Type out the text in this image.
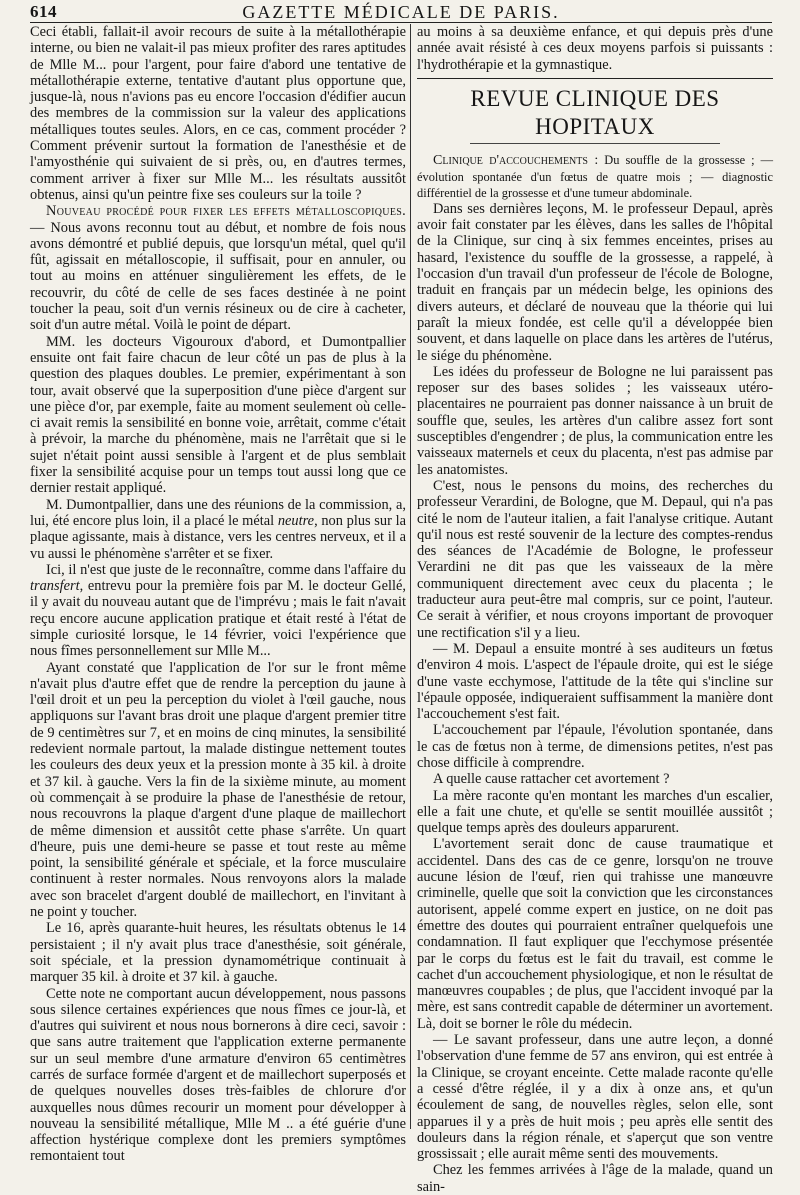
614	GAZETTE MÉDICALE DE PARIS.

Ceci établi, fallait-il avoir recours de suite à la métallothérapie interne, ou bien ne valait-il pas mieux profiter des rares aptitudes de Mlle M... pour l'argent, pour faire d'abord une tentative de métallothérapie externe, tentative d'autant plus opportune que, jusque-là, nous n'avions pas eu encore l'occasion d'édifier aucun des membres de la commission sur la valeur des applications métalliques toutes seules. Alors, en ce cas, comment procéder ? Comment prévenir surtout la formation de l'anesthésie et de l'amyosthénie qui suivaient de si près, ou, en d'autres termes, comment arriver à fixer sur Mlle M... les résultats aussitôt obtenus, ainsi qu'un peintre fixe ses couleurs sur la toile ?

Nouveau procédé pour fixer les effets métalloscopiques. — Nous avons reconnu tout au début, et nombre de fois nous avons démontré et publié depuis, que lorsqu'un métal, quel qu'il fût, agissait en métalloscopie, il suffisait, pour en annuler, ou tout au moins en atténuer singulièrement les effets, de le recouvrir, du côté de celle de ses faces destinée à ne point toucher la peau, soit d'un vernis résineux ou de cire à cacheter, soit d'un autre métal. Voilà le point de départ.

MM. les docteurs Vigouroux d'abord, et Dumontpallier ensuite ont fait faire chacun de leur côté un pas de plus à la question des plaques doubles. Le premier, expérimentant à son tour, avait observé que la superposition d'une pièce d'argent sur une pièce d'or, par exemple, faite au moment seulement où celle-ci avait remis la sensibilité en bonne voie, arrêtait, comme c'était à prévoir, la marche du phénomène, mais ne l'arrêtait que si le sujet n'était point aussi sensible à l'argent et de plus semblait fixer la sensibilité acquise pour un temps tout aussi long que ce dernier restait appliqué.

M. Dumontpallier, dans une des réunions de la commission, a, lui, été encore plus loin, il a placé le métal neutre, non plus sur la plaque agissante, mais à distance, vers les centres nerveux, et il a vu aussi le phénomène s'arrêter et se fixer.

Ici, il n'est que juste de le reconnaître, comme dans l'affaire du transfert, entrevu pour la première fois par M. le docteur Gellé, il y avait du nouveau autant que de l'imprévu ; mais le fait n'avait reçu encore aucune application pratique et était resté à l'état de simple curiosité lorsque, le 14 février, voici l'expérience que nous fîmes personnellement sur Mlle M...

Ayant constaté que l'application de l'or sur le front même n'avait plus d'autre effet que de rendre la perception du jaune à l'œil droit et un peu la perception du violet à l'œil gauche, nous appliquons sur l'avant bras droit une plaque d'argent premier titre de 9 centimètres sur 7, et en moins de cinq minutes, la sensibilité redevient normale partout, la malade distingue nettement toutes les couleurs des deux yeux et la pression monte à 35 kil. à droite et 37 kil. à gauche. Vers la fin de la sixième minute, au moment où commençait à se produire la phase de l'anesthésie de retour, nous recouvrons la plaque d'argent d'une plaque de maillechort de même dimension et aussitôt cette phase s'arrête. Un quart d'heure, puis une demi-heure se passe et tout reste au même point, la sensibilité générale et spéciale, et la force musculaire continuent à rester normales. Nous renvoyons alors la malade avec son bracelet d'argent doublé de maillechort, en l'invitant à ne point y toucher.

Le 16, après quarante-huit heures, les résultats obtenus le 14 persistaient ; il n'y avait plus trace d'anesthésie, soit générale, soit spéciale, et la pression dynamométrique continuait à marquer 35 kil. à droite et 37 kil. à gauche.

Cette note ne comportant aucun développement, nous passons sous silence certaines expériences que nous fîmes ce jour-là, et d'autres qui suivirent et nous nous bornerons à dire ceci, savoir : que sans autre traitement que l'application externe permanente sur un seul membre d'une armature d'environ 65 centimètres carrés de surface formée d'argent et de maillechort superposés et de quelques nouvelles doses très-faibles de chlorure d'or auxquelles nous dûmes recourir un moment pour développer à nouveau la sensibilité métallique, Mlle M .. a été guérie d'une affection hystérique complexe dont les premiers symptômes remontaient tout

au moins à sa deuxième enfance, et qui depuis près d'une année avait résisté à ces deux moyens parfois si puissants : l'hydrothérapie et la gymnastique.

REVUE CLINIQUE DES HOPITAUX

Clinique d'accouchements : Du souffle de la grossesse ; — évolution spontanée d'un fœtus de quatre mois ; — diagnostic différentiel de la grossesse et d'une tumeur abdominale.

Dans ses dernières leçons, M. le professeur Depaul, après avoir fait constater par les élèves, dans les salles de l'hôpital de la Clinique, sur cinq à six femmes enceintes, prises au hasard, l'existence du souffle de la grossesse, a rappelé, à l'occasion d'un travail d'un professeur de l'école de Bologne, traduit en français par un médecin belge, les opinions des divers auteurs, et déclaré de nouveau que la théorie qui lui paraît la mieux fondée, est celle qu'il a développée bien souvent, et dans laquelle on place dans les artères de l'utérus, le siége du phénomène.

Les idées du professeur de Bologne ne lui paraissent pas reposer sur des bases solides ; les vaisseaux utéro-placentaires ne pourraient pas donner naissance à un bruit de souffle que, seules, les artères d'un calibre assez fort sont susceptibles d'engendrer ; de plus, la communication entre les vaisseaux maternels et ceux du placenta, n'est pas admise par les anatomistes.

C'est, nous le pensons du moins, des recherches du professeur Verardini, de Bologne, que M. Depaul, qui n'a pas cité le nom de l'auteur italien, a fait l'analyse critique. Autant qu'il nous est resté souvenir de la lecture des comptes-rendus des séances de l'Académie de Bologne, le professeur Verardini ne dit pas que les vaisseaux de la mère communiquent directement avec ceux du placenta ; le traducteur aura peut-être mal compris, sur ce point, l'auteur. Ce serait à vérifier, et nous croyons important de provoquer une rectification s'il y a lieu.

— M. Depaul a ensuite montré à ses auditeurs un fœtus d'environ 4 mois. L'aspect de l'épaule droite, qui est le siége d'une vaste ecchymose, l'attitude de la tête qui s'incline sur l'épaule opposée, indiqueraient suffisamment la manière dont l'accouchement s'est fait.

L'accouchement par l'épaule, l'évolution spontanée, dans le cas de fœtus non à terme, de dimensions petites, n'est pas chose difficile à comprendre.

A quelle cause rattacher cet avortement ?

La mère raconte qu'en montant les marches d'un escalier, elle a fait une chute, et qu'elle se sentit mouillée aussitôt ; quelque temps après des douleurs apparurent.

L'avortement serait donc de cause traumatique et accidentel. Dans des cas de ce genre, lorsqu'on ne trouve aucune lésion de l'œuf, rien qui trahisse une manœuvre criminelle, quelle que soit la conviction que les circonstances autorisent, appelé comme expert en justice, on ne doit pas émettre des doutes qui pourraient entraîner quelquefois une condamnation. Il faut expliquer que l'ecchymose présentée par le corps du fœtus est le fait du travail, est comme le cachet d'un accouchement physiologique, et non le résultat de manœuvres coupables ; de plus, que l'accident invoqué par la mère, est sans contredit capable de déterminer un avortement. Là, doit se borner le rôle du médecin.

— Le savant professeur, dans une autre leçon, a donné l'observation d'une femme de 57 ans environ, qui est entrée à la Clinique, se croyant enceinte. Cette malade raconte qu'elle a cessé d'être réglée, il y a dix à onze ans, et qu'un écoulement de sang, de nouvelles règles, selon elle, sont apparues il y a près de huit mois ; peu après elle sentit des douleurs dans la région rénale, et s'aperçut que son ventre grossissait ; elle aurait même senti des mouvements.

Chez les femmes arrivées à l'âge de la malade, quand un sain-
